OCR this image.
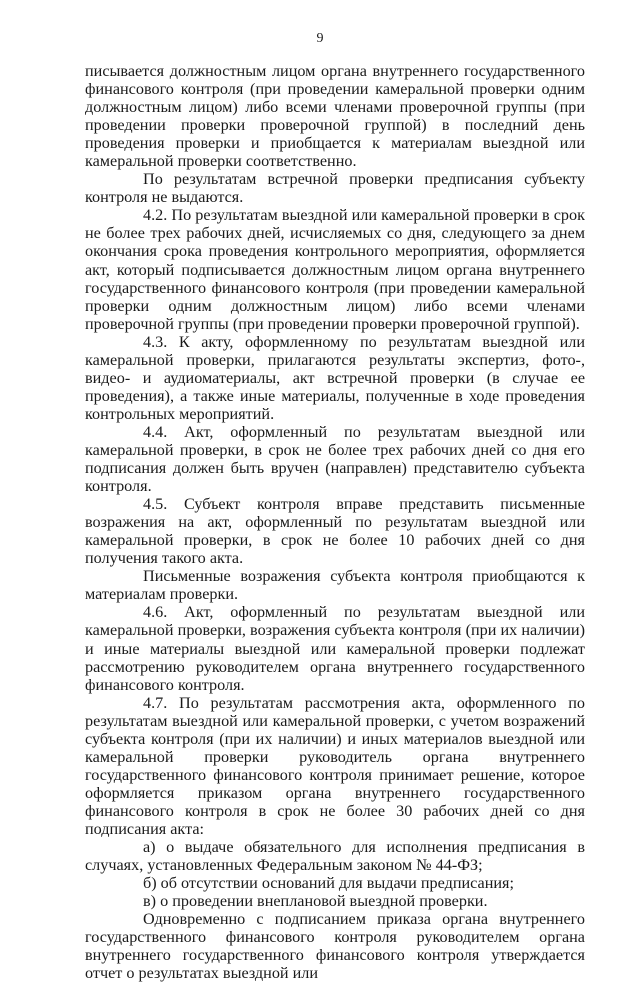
9

писывается должностным лицом органа внутреннего государственного финансового контроля (при проведении камеральной проверки одним должностным лицом) либо всеми членами проверочной группы (при проведении проверки проверочной группой) в последний день проведения проверки и приобщается к материалам выездной или камеральной проверки соответственно.

По результатам встречной проверки предписания субъекту контроля не выдаются.

4.2. По результатам выездной или камеральной проверки в срок не более трех рабочих дней, исчисляемых со дня, следующего за днем окончания срока проведения контрольного мероприятия, оформляется акт, который подписывается должностным лицом органа внутреннего государственного финансового контроля (при проведении камеральной проверки одним должностным лицом) либо всеми членами проверочной группы (при проведении проверки проверочной группой).

4.3. К акту, оформленному по результатам выездной или камеральной проверки, прилагаются результаты экспертиз, фото-, видео- и аудиоматериалы, акт встречной проверки (в случае ее проведения), а также иные материалы, полученные в ходе проведения контрольных мероприятий.

4.4. Акт, оформленный по результатам выездной или камеральной проверки, в срок не более трех рабочих дней со дня его подписания должен быть вручен (направлен) представителю субъекта контроля.

4.5. Субъект контроля вправе представить письменные возражения на акт, оформленный по результатам выездной или камеральной проверки, в срок не более 10 рабочих дней со дня получения такого акта.

Письменные возражения субъекта контроля приобщаются к материалам проверки.

4.6. Акт, оформленный по результатам выездной или камеральной проверки, возражения субъекта контроля (при их наличии) и иные материалы выездной или камеральной проверки подлежат рассмотрению руководителем органа внутреннего государственного финансового контроля.

4.7. По результатам рассмотрения акта, оформленного по результатам выездной или камеральной проверки, с учетом возражений субъекта контроля (при их наличии) и иных материалов выездной или камеральной проверки руководитель органа внутреннего государственного финансового контроля принимает решение, которое оформляется приказом органа внутреннего государственного финансового контроля в срок не более 30 рабочих дней со дня подписания акта:

а) о выдаче обязательного для исполнения предписания в случаях, установленных Федеральным законом № 44-ФЗ;

б) об отсутствии оснований для выдачи предписания;

в) о проведении внеплановой выездной проверки.

Одновременно с подписанием приказа органа внутреннего государственного финансового контроля руководителем органа внутреннего государственного финансового контроля утверждается отчет о результатах выездной или
